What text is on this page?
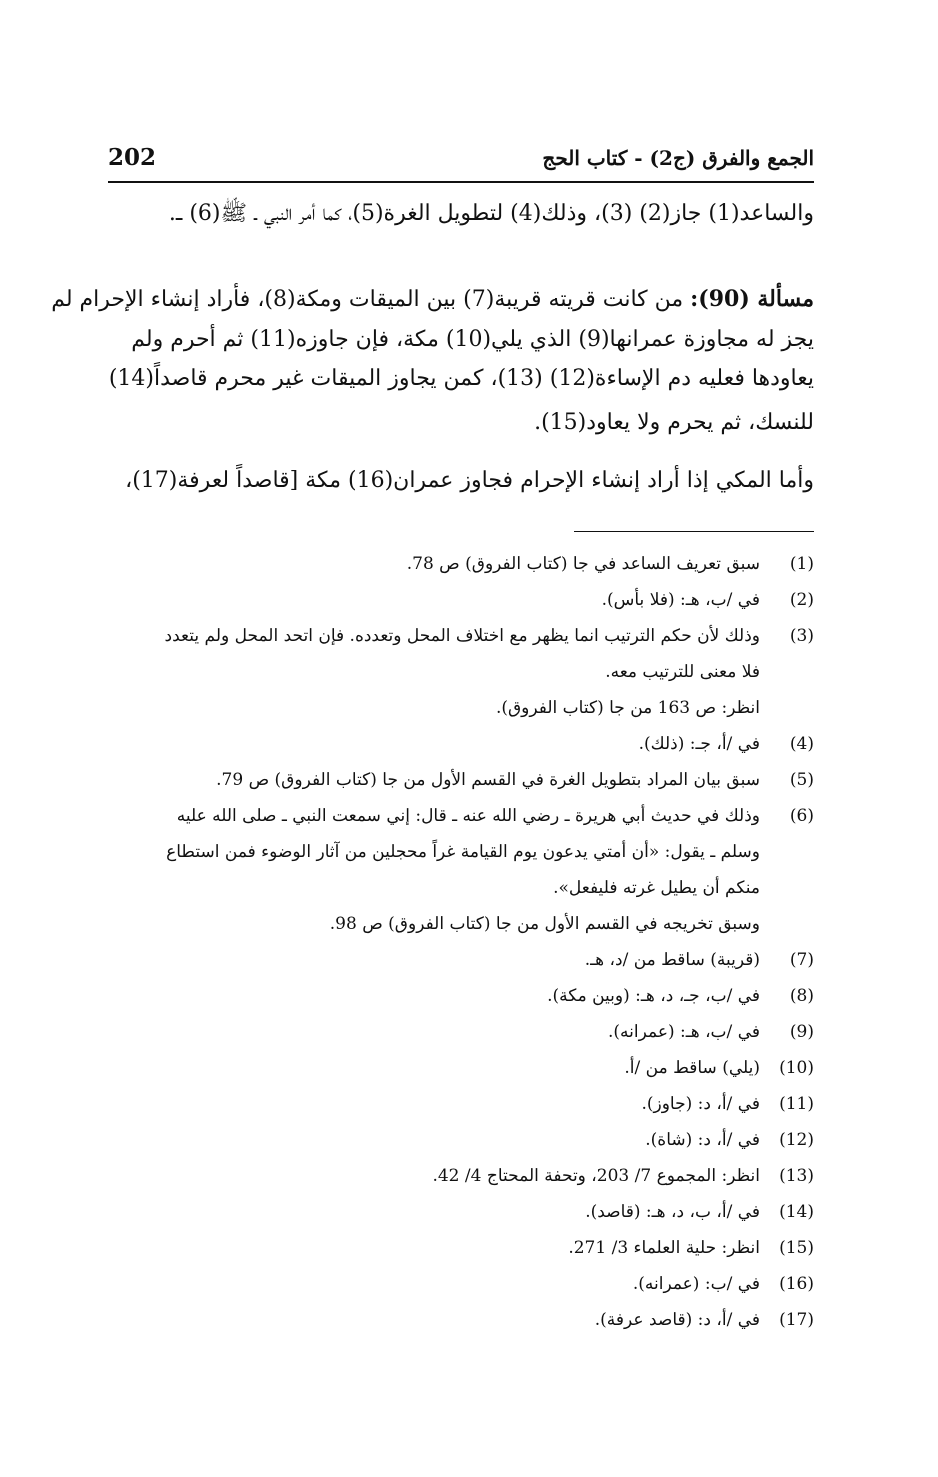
202	الجمع والفرق (ج2) - كتاب الحج
والساعد(1) جاز(2) (3)، وذلك(4) لتطويل الغرة(5)، كما أمر النبي ـ ﷺ(6) ـ.
مسألة (90): من كانت قريته قريبة(7) بين الميقات ومكة(8)، فأراد إنشاء الإحرام لم
يجز له مجاوزة عمرانها(9) الذي يلي(10) مكة، فإن جاوزه(11) ثم أحرم ولم
يعاودها فعليه دم الإساءة(12) (13)، كمن يجاوز الميقات غير محرم قاصداً(14)
للنسك، ثم يحرم ولا يعاود(15).
وأما المكي إذا أراد إنشاء الإحرام فجاوز عمران(16) مكة [قاصداً لعرفة(17)،
(1)
سبق تعريف الساعد في جا (كتاب الفروق) ص 78.
(2)
في /ب، هـ: (فلا بأس).
(3)
وذلك لأن حكم الترتيب انما يظهر مع اختلاف المحل وتعدده. فإن اتحد المحل ولم يتعدد
فلا معنى للترتيب معه.
انظر: ص 163 من جا (كتاب الفروق).
(4)
في /أ، جـ: (ذلك).
(5)
سبق بيان المراد بتطويل الغرة في القسم الأول من جا (كتاب الفروق) ص 79.
(6)
وذلك في حديث أبي هريرة ـ رضي الله عنه ـ قال: إني سمعت النبي ـ صلى الله عليه
وسلم ـ يقول: «أن أمتي يدعون يوم القيامة غراً محجلين من آثار الوضوء فمن استطاع
منكم أن يطيل غرته فليفعل».
وسبق تخريجه في القسم الأول من جا (كتاب الفروق) ص 98.
(7)
(قريبة) ساقط من /د، هـ.
(8)
في /ب، جـ، د، هـ: (وبين مكة).
(9)
في /ب، هـ: (عمرانه).
(10)
(يلي) ساقط من /أ.
(11)
في /أ، د: (جاوز).
(12)
في /أ، د: (شاة).
(13)
انظر: المجموع 7/ 203، وتحفة المحتاج 4/ 42.
(14)
في /أ، ب، د، هـ: (قاصد).
(15)
انظر: حلية العلماء 3/ 271.
(16)
في /ب: (عمرانه).
(17)
في /أ، د: (قاصد عرفة).
